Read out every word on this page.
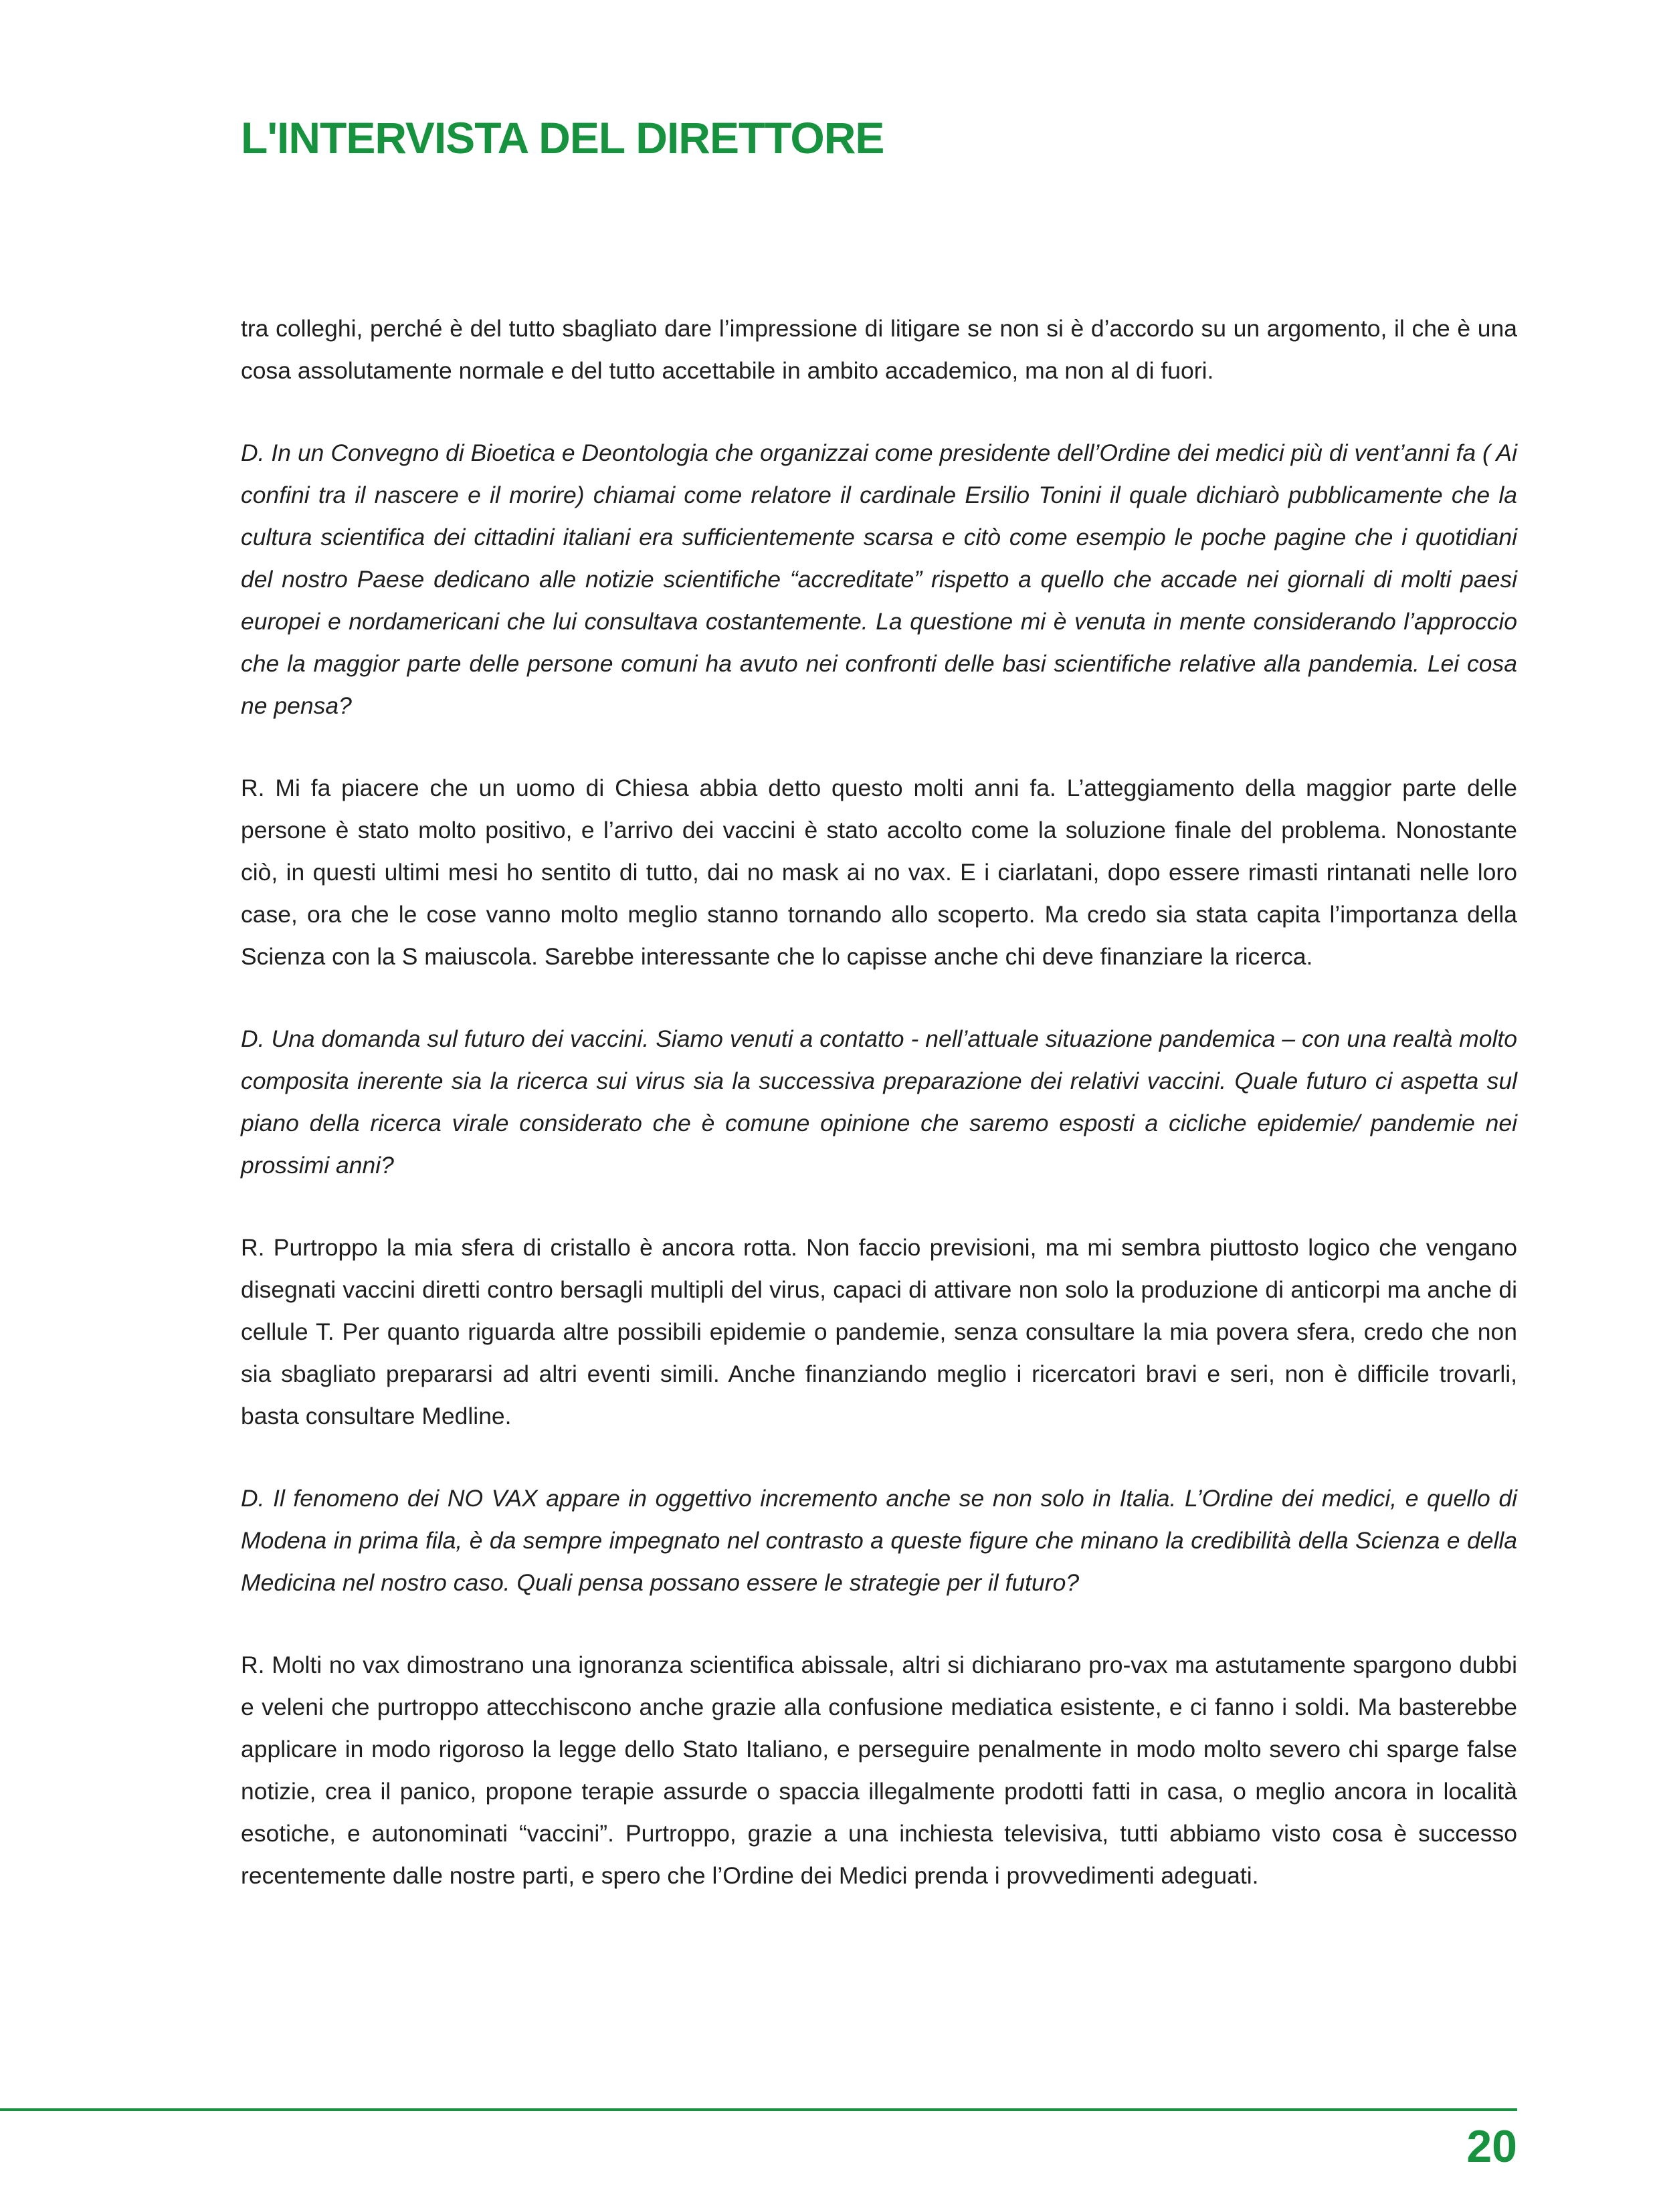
L'INTERVISTA DEL DIRETTORE

tra colleghi, perché è del tutto sbagliato dare l’impressione di litigare se non si è d’accordo su un argomento, il che è una cosa assolutamente normale e del tutto accettabile in ambito accademico, ma non al di fuori.

D. In un Convegno di Bioetica e Deontologia che organizzai come presidente dell’Ordine dei medici più di vent’anni fa ( Ai confini tra il nascere e il morire) chiamai come relatore il cardinale Ersilio Tonini il quale dichiarò pubblicamente che la cultura scientifica dei cittadini italiani era sufficientemente scarsa e citò come esempio le poche pagine che i quotidiani del nostro Paese dedicano alle notizie scientifiche “accreditate” rispetto a quello che accade nei giornali di molti paesi europei e nordamericani che lui consultava costantemente. La questione mi è venuta in mente considerando l’approccio che la maggior parte delle persone comuni ha avuto nei confronti delle basi scientifiche relative alla pandemia. Lei cosa ne pensa?

R. Mi fa piacere che un uomo di Chiesa abbia detto questo molti anni fa. L’atteggiamento della maggior parte delle persone è stato molto positivo, e l’arrivo dei vaccini è stato accolto come la soluzione finale del problema. Nonostante ciò, in questi ultimi mesi ho sentito di tutto, dai no mask ai no vax. E i ciarlatani, dopo essere rimasti rintanati nelle loro case, ora che le cose vanno molto meglio stanno tornando allo scoperto. Ma credo sia stata capita l’importanza della Scienza con la S maiuscola. Sarebbe interessante che lo capisse anche chi deve finanziare la ricerca.

D. Una domanda sul futuro dei vaccini. Siamo venuti a contatto - nell’attuale situazione pandemica – con una realtà molto composita inerente sia la ricerca sui virus sia la successiva preparazione dei relativi vaccini. Quale futuro ci aspetta sul piano della ricerca virale considerato che è comune opinione che saremo esposti a cicliche epidemie/ pandemie nei prossimi anni?

R. Purtroppo la mia sfera di cristallo è ancora rotta. Non faccio previsioni, ma mi sembra piuttosto logico che vengano disegnati vaccini diretti contro bersagli multipli del virus, capaci di attivare non solo la produzione di anticorpi ma anche di cellule T. Per quanto riguarda altre possibili epidemie o pandemie, senza consultare la mia povera sfera, credo che non sia sbagliato prepararsi ad altri eventi simili. Anche finanziando meglio i ricercatori bravi e seri, non è difficile trovarli, basta consultare Medline.

D. Il fenomeno dei NO VAX appare in oggettivo incremento anche se non solo in Italia. L’Ordine dei medici, e quello di Modena in prima fila, è da sempre impegnato nel contrasto a queste figure che minano la credibilità della Scienza e della Medicina nel nostro caso. Quali pensa possano essere le strategie per il futuro?

R. Molti no vax dimostrano una ignoranza scientifica abissale, altri si dichiarano pro-vax ma astutamente spargono dubbi e veleni che purtroppo attecchiscono anche grazie alla confusione mediatica esistente, e ci fanno i soldi. Ma basterebbe applicare in modo rigoroso la legge dello Stato Italiano, e perseguire penalmente in modo molto severo chi sparge false notizie, crea il panico, propone terapie assurde o spaccia illegalmente prodotti fatti in casa, o meglio ancora in località esotiche, e autonominati “vaccini”. Purtroppo, grazie a una inchiesta televisiva, tutti abbiamo visto cosa è successo recentemente dalle nostre parti, e spero che l’Ordine dei Medici prenda i provvedimenti adeguati.

20
